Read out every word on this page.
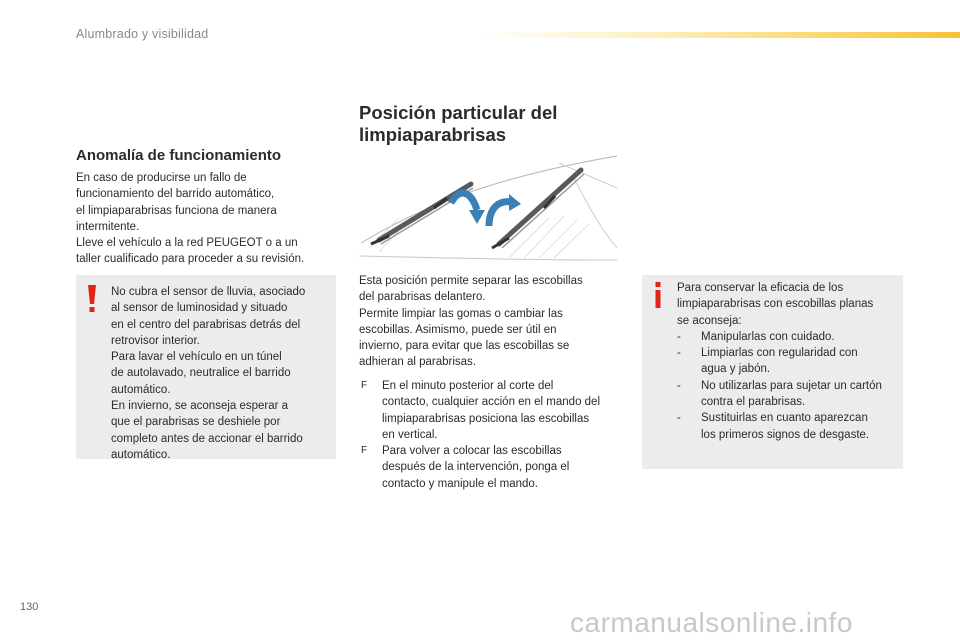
Alumbrado y visibilidad
Anomalía de funcionamiento
En caso de producirse un fallo de
funcionamiento del barrido automático,
el limpiaparabrisas funciona de manera
intermitente.
Lleve el vehículo a la red PEUGEOT o a un
taller cualificado para proceder a su revisión.
No cubra el sensor de lluvia, asociado
al sensor de luminosidad y situado
en el centro del parabrisas detrás del
retrovisor interior.
Para lavar el vehículo en un túnel
de autolavado, neutralice el barrido
automático.
En invierno, se aconseja esperar a
que el parabrisas se deshiele por
completo antes de accionar el barrido
automático.
Posición particular del
limpiaparabrisas
Esta posición permite separar las escobillas
del parabrisas delantero.
Permite limpiar las gomas o cambiar las
escobillas. Asimismo, puede ser útil en
invierno, para evitar que las escobillas se
adhieran al parabrisas.
F En el minuto posterior al corte del
contacto, cualquier acción en el mando del
limpiaparabrisas posiciona las escobillas
en vertical.
F Para volver a colocar las escobillas
después de la intervención, ponga el
contacto y manipule el mando.
Para conservar la eficacia de los
limpiaparabrisas con escobillas planas
se aconseja:
- Manipularlas con cuidado.
- Limpiarlas con regularidad con
agua y jabón.
- No utilizarlas para sujetar un cartón
contra el parabrisas.
- Sustituirlas en cuanto aparezcan
los primeros signos de desgaste.
130	carmanualsonline.info
